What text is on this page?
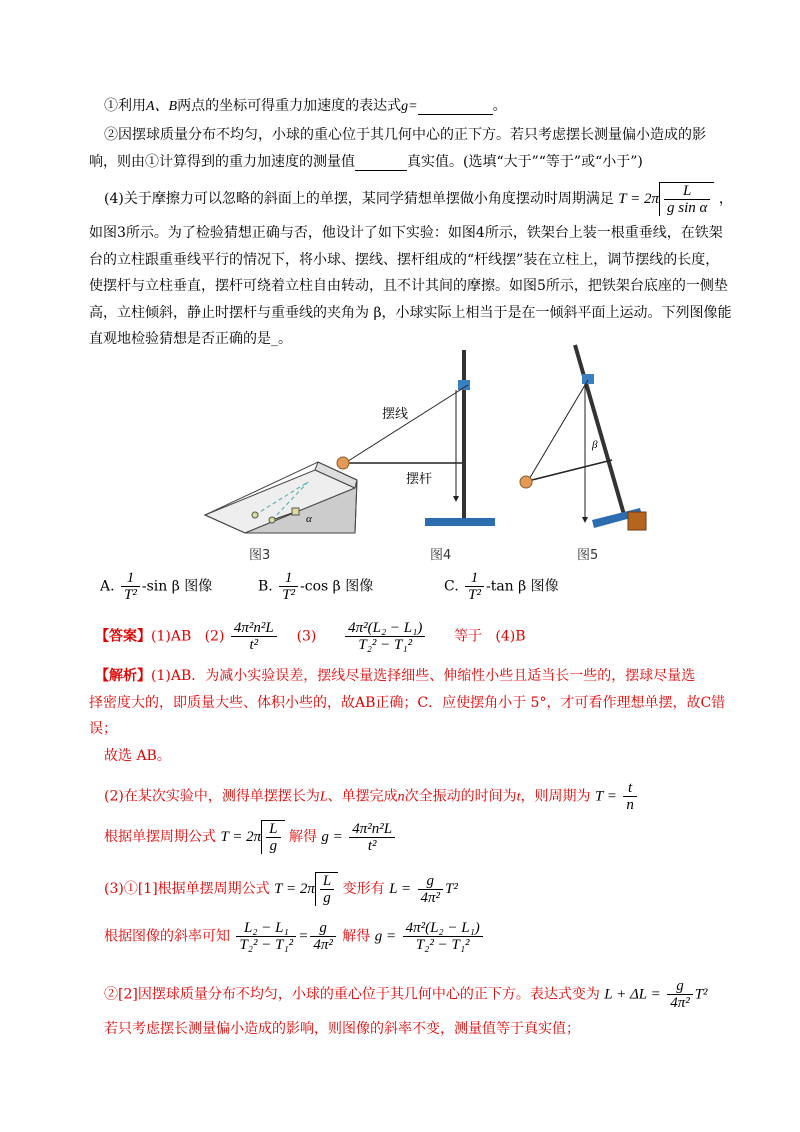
①利用A、B两点的坐标可得重力加速度的表达式g=	。
②因摆球质量分布不均匀，小球的重心位于其几何中心的正下方。若只考虑摆长测量偏小造成的影
响，则由①计算得到的重力加速度的测量值	真实值。(选填“大于”“等于”或“小于”)
(4)关于摩擦力可以忽略的斜面上的单摆，某同学猜想单摆做小角度摆动时周期满足 $T = 2\pi \frac{L}{\text{g sin α}}$ ，
如图3所示。为了检验猜想正确与否，他设计了如下实验：如图4所示，铁架台上装一根重垂线，在铁架
台的立柱跟重垂线平行的情况下，将小球、摆线、摆杆组成的“杆线摆”装在立柱上，调节摆线的长度，
使摆杆与立柱垂直，摆杆可绕着立柱自由转动，且不计其间的摩擦。如图5所示，把铁架台底座的一侧垫
高，立柱倾斜，静止时摆杆与重垂线的夹角为 β，小球实际上相当于是在一倾斜平面上运动。下列图像能
直观地检验猜想是否正确的是_。
α
摆线
摆杆
β
图3	图4	图5
A. $\frac{1}{\text{T²}} -\sin$ β 图像	B. $\frac{1}{\text{T²}} -\cos$ β 图像	C. $\frac{1}{\text{T²}} -\tan$ β 图像
【答案】(1)AB $(2) \frac{\text{4π²n²L}}{\text{t²}} (3) \frac{\text{4π²(L₂ − L₁)}}{\text{T₂² − T₁²}}$ 等于 (4)B
【解析】(1)AB．为减小实验误差，摆线尽量选择细些、伸缩性小些且适当长一些的，摆球尽量选
择密度大的，即质量大些、体积小些的，故AB正确；C．应使摆角小于 5°，才可看作理想单摆，故C错
误；
故选 AB。
(2)在某次实验中，测得单摆摆长为L、单摆完成n次全振动的时间为t，则周期为 $T = \frac{t}{n}$
根据单摆周期公式 $T = 2\pi \frac{L}{g}$ 解得 $g = \frac{\text{4π²n²L}}{\text{t²}}$
(3)①[1]根据单摆周期公式 $T = 2\pi \frac{L}{g}$ 变形有 $L = \frac{g}{\text{4π²}} T^2$
根据图像的斜率可知 $\frac{\text{L₂ − L₁}}{\text{T₂² − T₁²}} = \frac{g}{\text{4π²}}$ 解得 $g = \frac{\text{4π²(L₂ − L₁)}}{\text{T₂² − T₁²}}$
②[2]因摆球质量分布不均匀，小球的重心位于其几何中心的正下方。表达式变为 $L + \Delta L = \frac{g}{\text{4π²}} T^2$
若只考虑摆长测量偏小造成的影响，则图像的斜率不变，测量值等于真实值；
